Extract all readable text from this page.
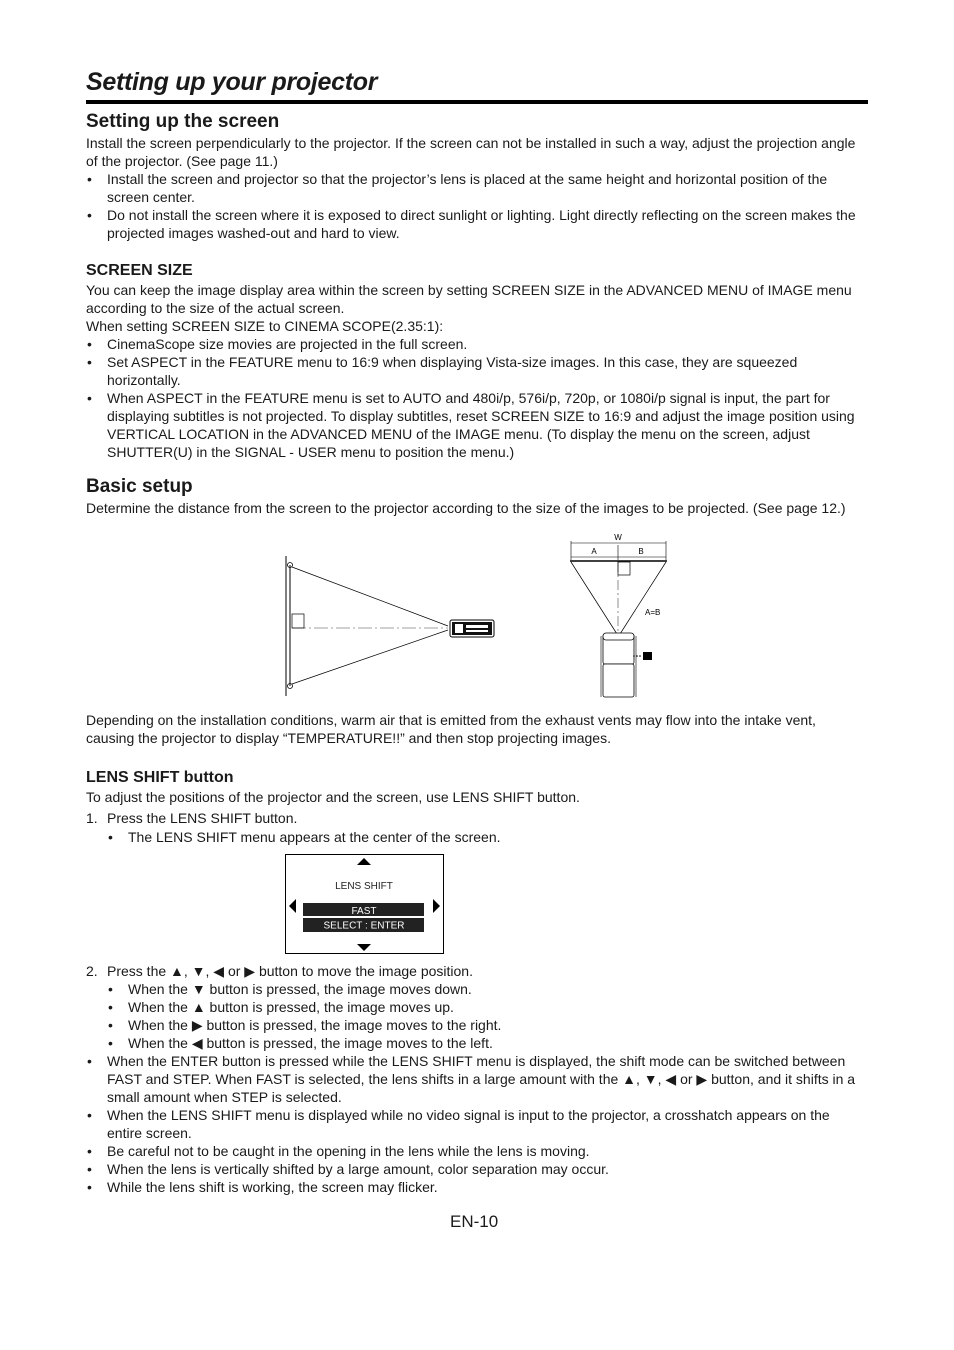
Setting up your projector
Setting up the screen

Install the screen perpendicularly to the projector. If the screen can not be installed in such a way, adjust the projection angle of the projector. (See page 11.)

• Install the screen and projector so that the projector’s lens is placed at the same height and horizontal position of the screen center.
• Do not install the screen where it is exposed to direct sunlight or lighting. Light directly reflecting on the screen makes the projected images washed-out and hard to view.
SCREEN SIZE

You can keep the image display area within the screen by setting SCREEN SIZE in the ADVANCED MENU of IMAGE menu according to the size of the actual screen.

When setting SCREEN SIZE to CINEMA SCOPE(2.35:1):

• CinemaScope size movies are projected in the full screen.
• Set ASPECT in the FEATURE menu to 16:9 when displaying Vista-size images. In this case, they are squeezed horizontally.
• When ASPECT in the FEATURE menu is set to AUTO and 480i/p, 576i/p, 720p, or 1080i/p signal is input, the part for displaying subtitles is not projected. To display subtitles, reset SCREEN SIZE to 16:9 and adjust the image position using VERTICAL LOCATION in the ADVANCED MENU of the IMAGE menu. (To display the menu on the screen, adjust SHUTTER(U) in the SIGNAL - USER menu to position the menu.)
Basic setup

Determine the distance from the screen to the projector according to the size of the images to be projected. (See page 12.)

W
A	B
A=B

Depending on the installation conditions, warm air that is emitted from the exhaust vents may flow into the intake vent, causing the projector to display “TEMPERATURE!!” and then stop projecting images.

LENS SHIFT button

To adjust the positions of the projector and the screen, use LENS SHIFT button.

1. Press the LENS SHIFT button.
• The LENS SHIFT menu appears at the center of the screen.
LENS SHIFT
FAST
SELECT : ENTER
2. Press the ▲, ▼, ◀ or ▶ button to move the image position.
• When the ▼ button is pressed, the image moves down.
• When the ▲ button is pressed, the image moves up.
• When the ▶ button is pressed, the image moves to the right.
• When the ◀ button is pressed, the image moves to the left.
• When the ENTER button is pressed while the LENS SHIFT menu is displayed, the shift mode can be switched between FAST and STEP. When FAST is selected, the lens shifts in a large amount with the ▲, ▼, ◀ or ▶ button, and it shifts in a small amount when STEP is selected.
• When the LENS SHIFT menu is displayed while no video signal is input to the projector, a crosshatch appears on the entire screen.
• Be careful not to be caught in the opening in the lens while the lens is moving.
• When the lens is vertically shifted by a large amount, color separation may occur.
• While the lens shift is working, the screen may flicker.
EN-10
